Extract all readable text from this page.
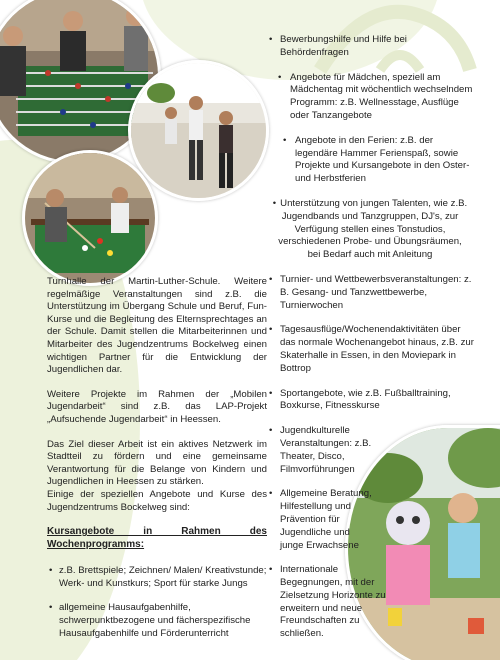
Turnhalle der Martin-Luther-Schule. Weitere regelmäßige Veranstaltungen sind z.B. die Unterstützung im Übergang Schule und Beruf, Fun-Kurse und die Begleitung des Elternsprechtages an der Schule. Damit stellen die Mitarbeiterinnen und Mitarbeiter des Jugendzentrums Bockelweg einen wichtigen Partner für die Entwicklung der Jugendlichen dar.

Weitere Projekte im Rahmen der „Mobilen Jugendarbeit“ sind z.B. das LAP-Projekt „Aufsuchende Jugendarbeit“ in Heessen.

Das Ziel dieser Arbeit ist ein aktives Netzwerk im Stadtteil zu fördern und eine gemeinsame Verantwortung für die Belange von Kindern und Jugendlichen in Heessen zu stärken.
Einige der speziellen Angebote und Kurse des Jugendzentrums Bockelweg sind:

Kursangebote in Rahmen des Wochenprogramms:
• z.B. Brettspiele; Zeichnen/ Malen/ Kreativstunde; Werk- und Kunstkurs; Sport für starke Jungs
• allgemeine Hausaufgabenhilfe, schwerpunktbezogene und fächerspezifische Hausaufgabenhilfe und Förderunterricht
• Bewerbungshilfe und Hilfe bei Behördenfragen
• Angebote für Mädchen, speziell am Mädchentag mit wöchentlich wechselndem Programm: z.B. Wellnesstage, Ausflüge oder Tanzangebote
• Angebote in den Ferien: z.B. der legendäre Hammer Ferienspaß, sowie Projekte und Kursangebote in den Oster- und Herbstferien
• Unterstützung von jungen Talenten, wie z.B. Jugendbands und Tanzgruppen, DJ's, zur Verfügung stellen eines Tonstudios, verschiedenen Probe- und Übungsräumen, bei Bedarf auch mit Anleitung
• Turnier- und Wettbewerbsveranstaltungen: z. B. Gesang- und Tanzwettbewerbe, Turnierwochen
• Tagesausflüge/Wochenendaktivitäten über das normale Wochenangebot hinaus, z.B. zur Skaterhalle in Essen, in den Moviepark in Bottrop
• Sportangebote, wie z.B. Fußballtraining, Boxkurse, Fitnesskurse
• Jugendkulturelle Veranstaltungen: z.B. Theater, Disco, Filmvorführungen
• Allgemeine Beratung, Hilfestellung und Prävention für Jugendliche und junge Erwachsene
• Internationale Begegnungen, mit der Zielsetzung Horizonte zu erweitern und neue Freundschaften zu schließen.
